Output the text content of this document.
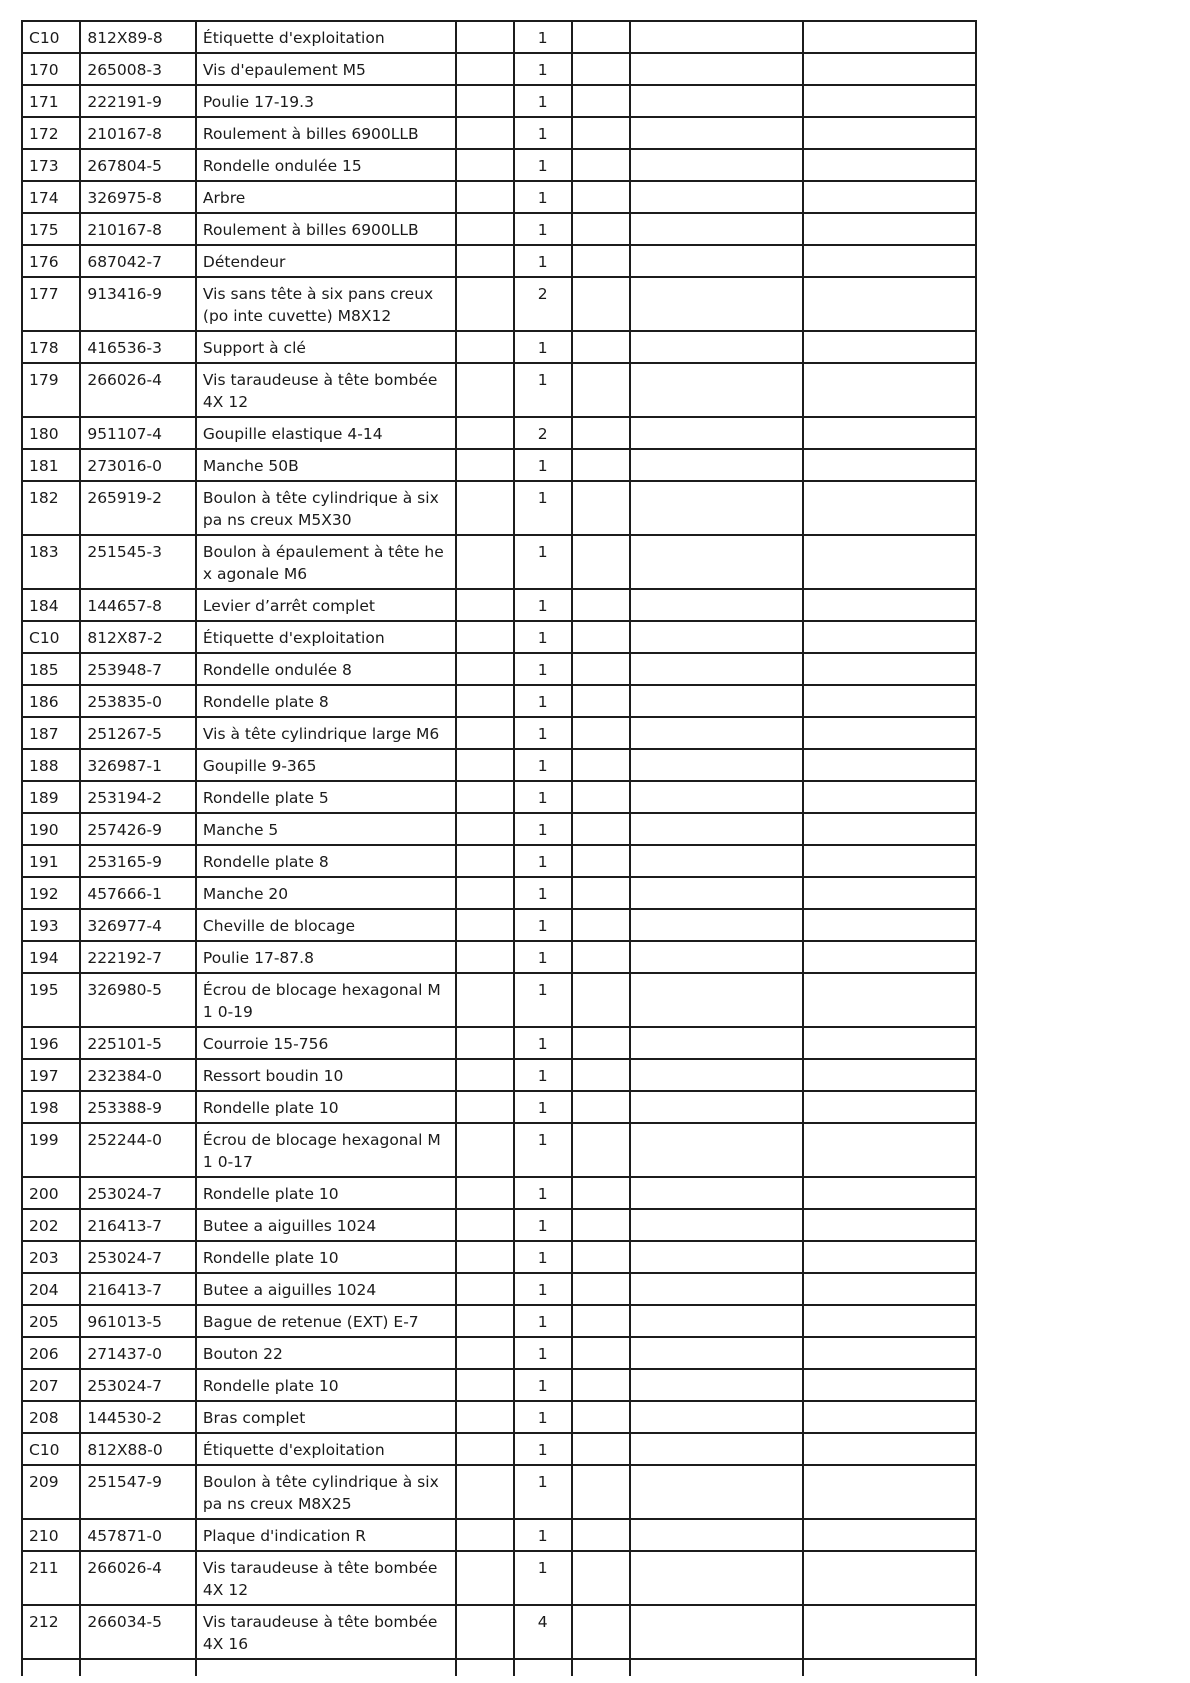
C10	812X89-8	Étiquette d'exploitation		1			

170	265008-3	Vis d'epaulement M5		1			

171	222191-9	Poulie 17-19.3		1			

172	210167-8	Roulement à billes 6900LLB		1			

173	267804-5	Rondelle ondulée 15		1			

174	326975-8	Arbre		1			

175	210167-8	Roulement à billes 6900LLB		1			

176	687042-7	Détendeur		1			

177	913416-9	Vis sans tête à six pans creux (po inte cuvette) M8X12		2			

178	416536-3	Support à clé		1			

179	266026-4	Vis taraudeuse à tête bombée 4X 12		1			

180	951107-4	Goupille elastique 4-14		2			

181	273016-0	Manche 50B		1			

182	265919-2	Boulon à tête cylindrique à six pa ns creux M5X30		1			

183	251545-3	Boulon à épaulement à tête hex agonale M6		1			

184	144657-8	Levier d’arrêt complet		1			

C10	812X87-2	Étiquette d'exploitation		1			

185	253948-7	Rondelle ondulée 8		1			

186	253835-0	Rondelle plate 8		1			

187	251267-5	Vis à tête cylindrique large M6		1			

188	326987-1	Goupille 9-365		1			

189	253194-2	Rondelle plate 5		1			

190	257426-9	Manche 5		1			

191	253165-9	Rondelle plate 8		1			

192	457666-1	Manche 20		1			

193	326977-4	Cheville de blocage		1			

194	222192-7	Poulie 17-87.8		1			

195	326980-5	Écrou de blocage hexagonal M1 0-19		1			

196	225101-5	Courroie 15-756		1			

197	232384-0	Ressort boudin 10		1			

198	253388-9	Rondelle plate 10		1			

199	252244-0	Écrou de blocage hexagonal M1 0-17		1			

200	253024-7	Rondelle plate 10		1			

202	216413-7	Butee a aiguilles 1024		1			

203	253024-7	Rondelle plate 10		1			

204	216413-7	Butee a aiguilles 1024		1			

205	961013-5	Bague de retenue (EXT) E-7		1			

206	271437-0	Bouton 22		1			

207	253024-7	Rondelle plate 10		1			

208	144530-2	Bras complet		1			

C10	812X88-0	Étiquette d'exploitation		1			

209	251547-9	Boulon à tête cylindrique à six pa ns creux M8X25		1			

210	457871-0	Plaque d'indication R		1			

211	266026-4	Vis taraudeuse à tête bombée 4X 12		1			

212	266034-5	Vis taraudeuse à tête bombée 4X 16		4			
